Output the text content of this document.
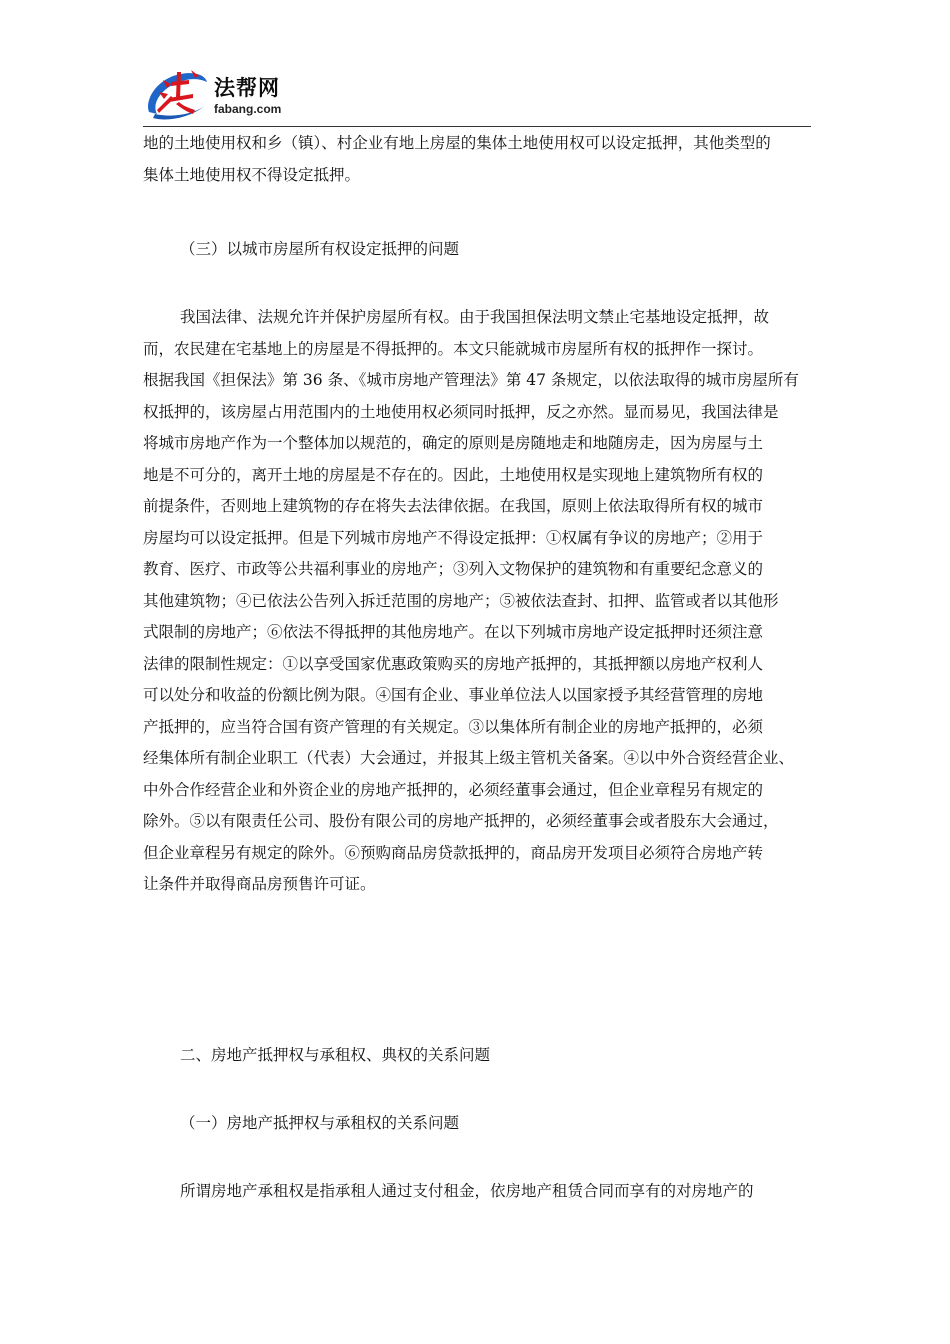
法帮网
fabang.com

地的土地使用权和乡（镇）、村企业有地上房屋的集体土地使用权可以设定抵押，其他类型的
集体土地使用权不得设定抵押。

（三）以城市房屋所有权设定抵押的问题

我国法律、法规允许并保护房屋所有权。由于我国担保法明文禁止宅基地设定抵押，故
而，农民建在宅基地上的房屋是不得抵押的。本文只能就城市房屋所有权的抵押作一探讨。
根据我国《担保法》第 36 条、《城市房地产管理法》第 47 条规定，以依法取得的城市房屋所有
权抵押的，该房屋占用范围内的土地使用权必须同时抵押，反之亦然。显而易见，我国法律是
将城市房地产作为一个整体加以规范的，确定的原则是房随地走和地随房走，因为房屋与土
地是不可分的，离开土地的房屋是不存在的。因此，土地使用权是实现地上建筑物所有权的
前提条件，否则地上建筑物的存在将失去法律依据。在我国，原则上依法取得所有权的城市
房屋均可以设定抵押。但是下列城市房地产不得设定抵押：①权属有争议的房地产；②用于
教育、医疗、市政等公共福利事业的房地产；③列入文物保护的建筑物和有重要纪念意义的
其他建筑物；④已依法公告列入拆迁范围的房地产；⑤被依法查封、扣押、监管或者以其他形
式限制的房地产；⑥依法不得抵押的其他房地产。在以下列城市房地产设定抵押时还须注意
法律的限制性规定：①以享受国家优惠政策购买的房地产抵押的，其抵押额以房地产权利人
可以处分和收益的份额比例为限。④国有企业、事业单位法人以国家授予其经营管理的房地
产抵押的，应当符合国有资产管理的有关规定。③以集体所有制企业的房地产抵押的，必须
经集体所有制企业职工（代表）大会通过，并报其上级主管机关备案。④以中外合资经营企业、
中外合作经营企业和外资企业的房地产抵押的，必须经董事会通过，但企业章程另有规定的
除外。⑤以有限责任公司、股份有限公司的房地产抵押的，必须经董事会或者股东大会通过，
但企业章程另有规定的除外。⑥预购商品房贷款抵押的，商品房开发项目必须符合房地产转
让条件并取得商品房预售许可证。

二、房地产抵押权与承租权、典权的关系问题

（一）房地产抵押权与承租权的关系问题

所谓房地产承租权是指承租人通过支付租金，依房地产租赁合同而享有的对房地产的
